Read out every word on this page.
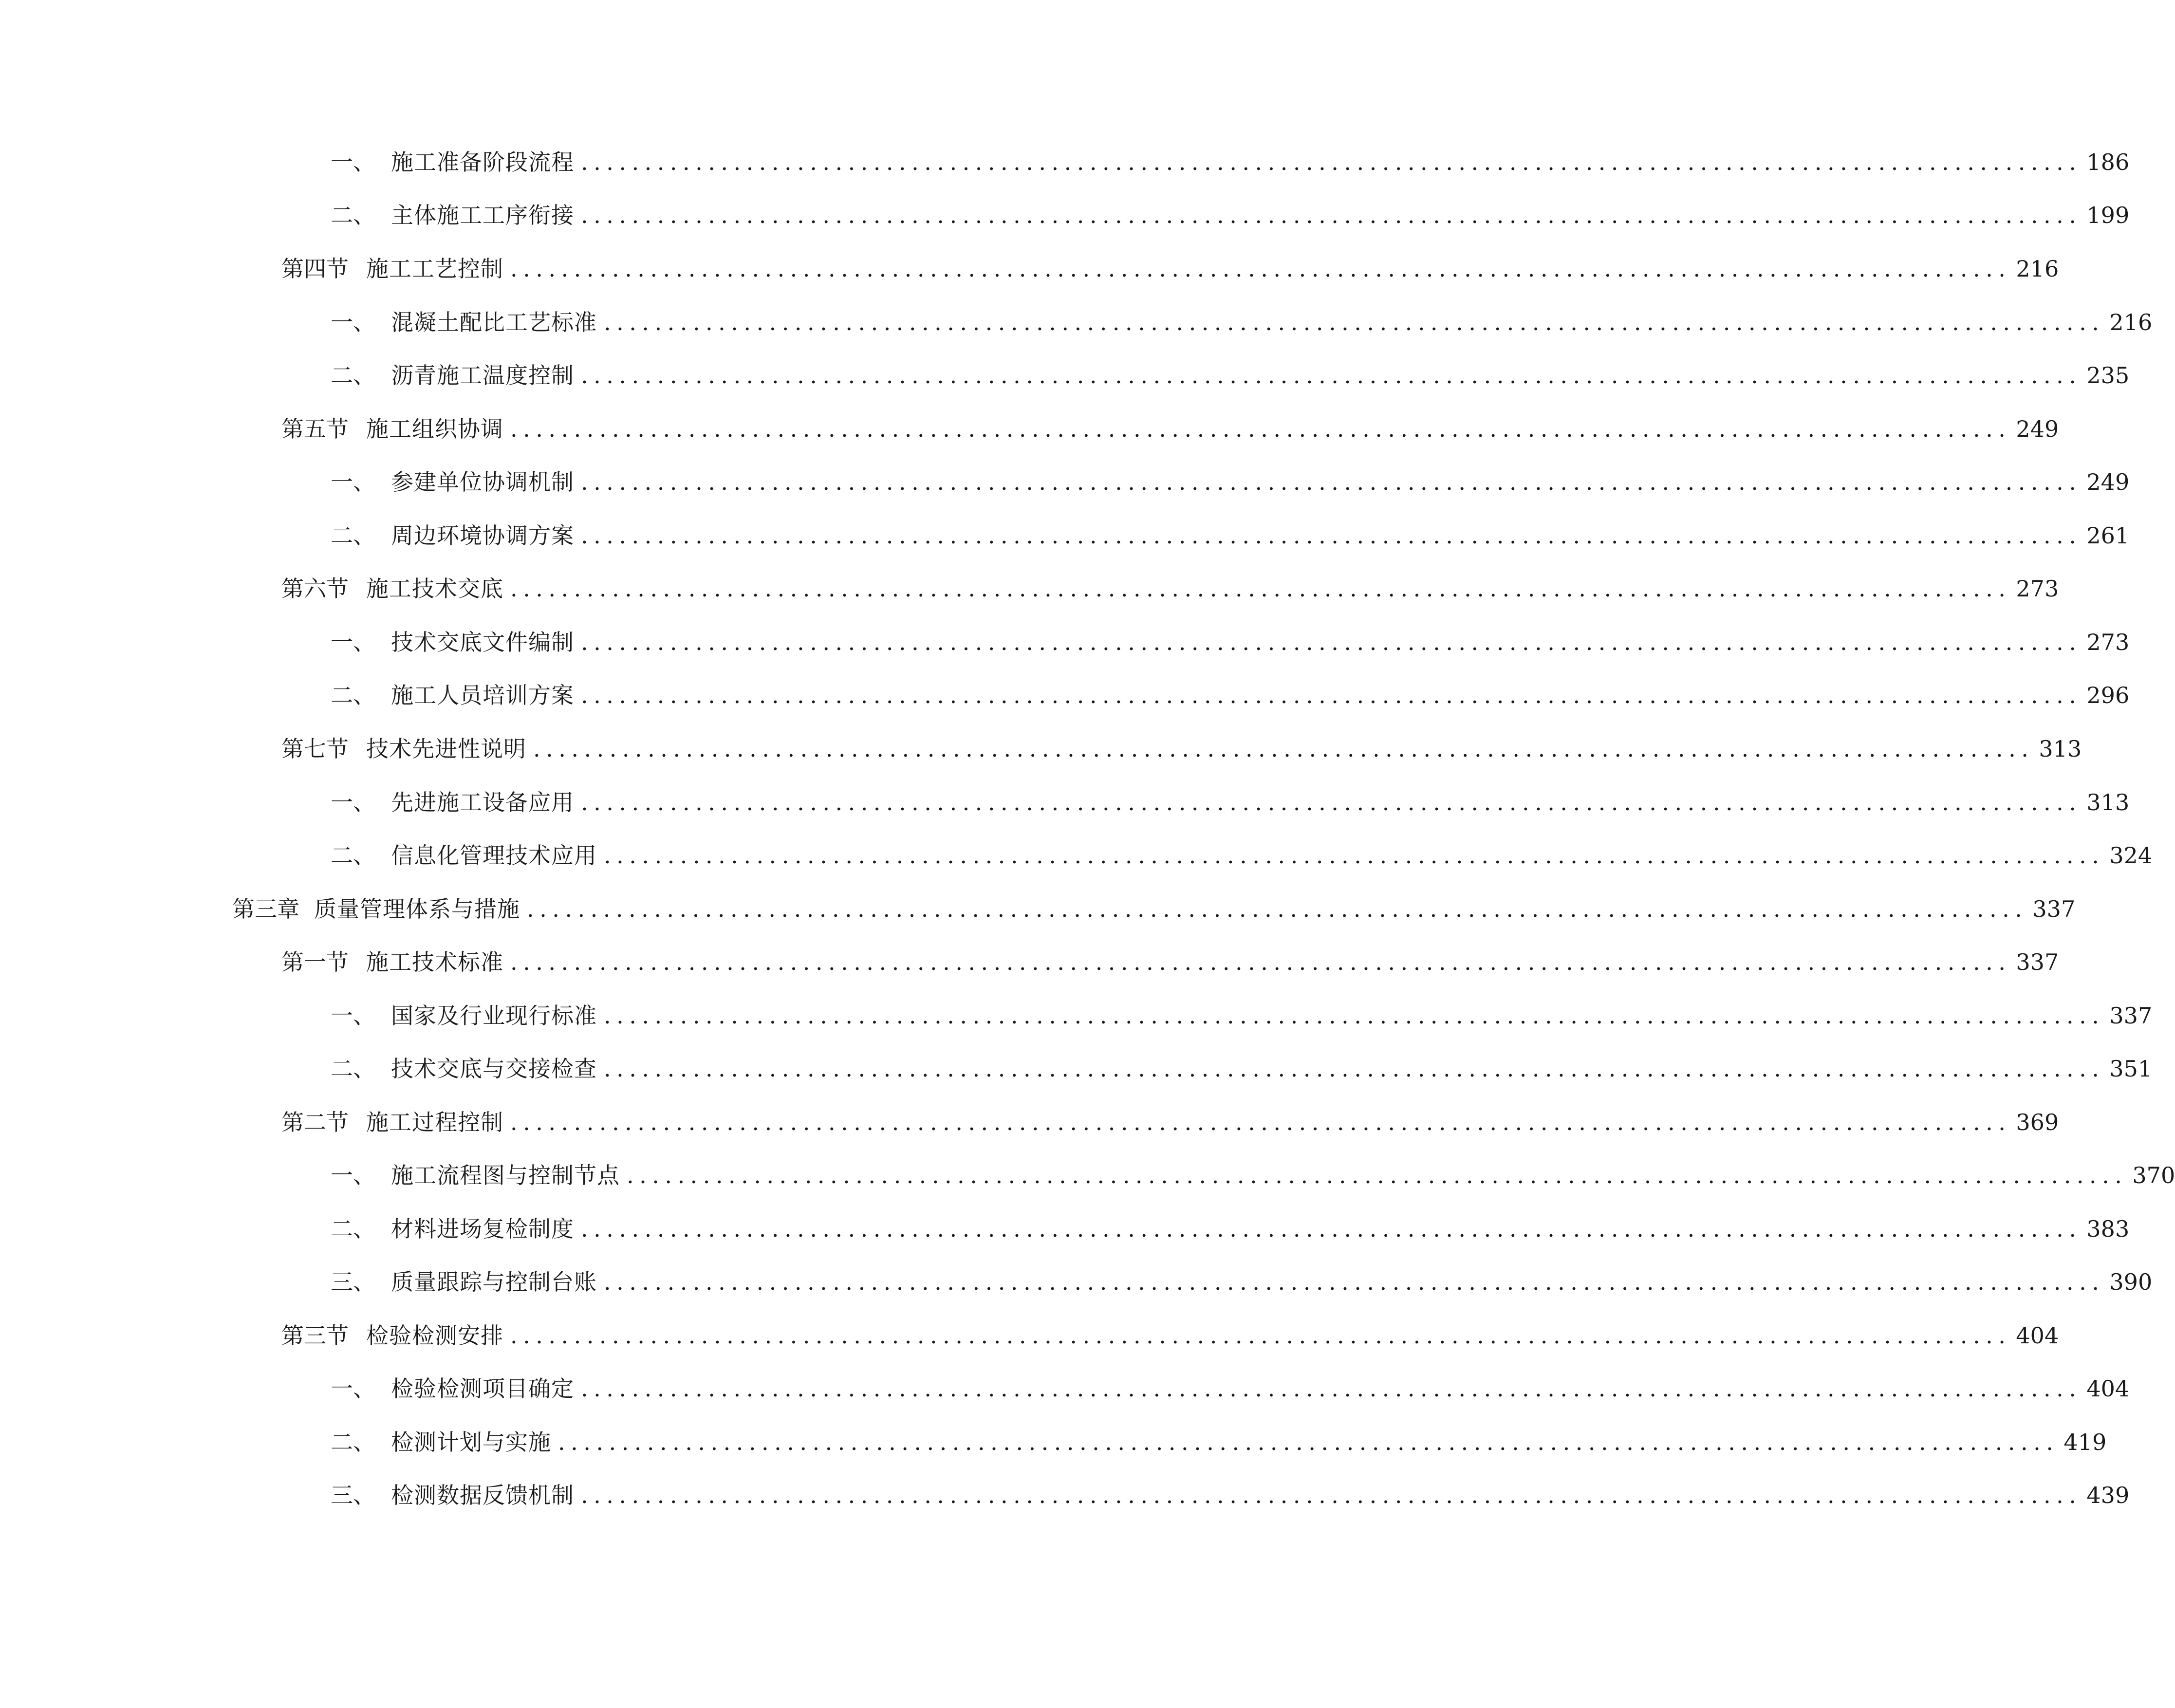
一、 施工准备阶段流程 ...................................................................................................................... 186
二、 主体施工工序衔接 ...................................................................................................................... 199
第四节 施工工艺控制 ...................................................................................................................... 216
一、 混凝土配比工艺标准 ...................................................................................................................... 216
二、 沥青施工温度控制 ...................................................................................................................... 235
第五节 施工组织协调 ...................................................................................................................... 249
一、 参建单位协调机制 ...................................................................................................................... 249
二、 周边环境协调方案 ...................................................................................................................... 261
第六节 施工技术交底 ...................................................................................................................... 273
一、 技术交底文件编制 ...................................................................................................................... 273
二、 施工人员培训方案 ...................................................................................................................... 296
第七节 技术先进性说明 ...................................................................................................................... 313
一、 先进施工设备应用 ...................................................................................................................... 313
二、 信息化管理技术应用 ...................................................................................................................... 324
第三章 质量管理体系与措施 ...................................................................................................................... 337
第一节 施工技术标准 ...................................................................................................................... 337
一、 国家及行业现行标准 ...................................................................................................................... 337
二、 技术交底与交接检查 ...................................................................................................................... 351
第二节 施工过程控制 ...................................................................................................................... 369
一、 施工流程图与控制节点 ...................................................................................................................... 370
二、 材料进场复检制度 ...................................................................................................................... 383
三、 质量跟踪与控制台账 ...................................................................................................................... 390
第三节 检验检测安排 ...................................................................................................................... 404
一、 检验检测项目确定 ...................................................................................................................... 404
二、 检测计划与实施 ...................................................................................................................... 419
三、 检测数据反馈机制 ...................................................................................................................... 439
